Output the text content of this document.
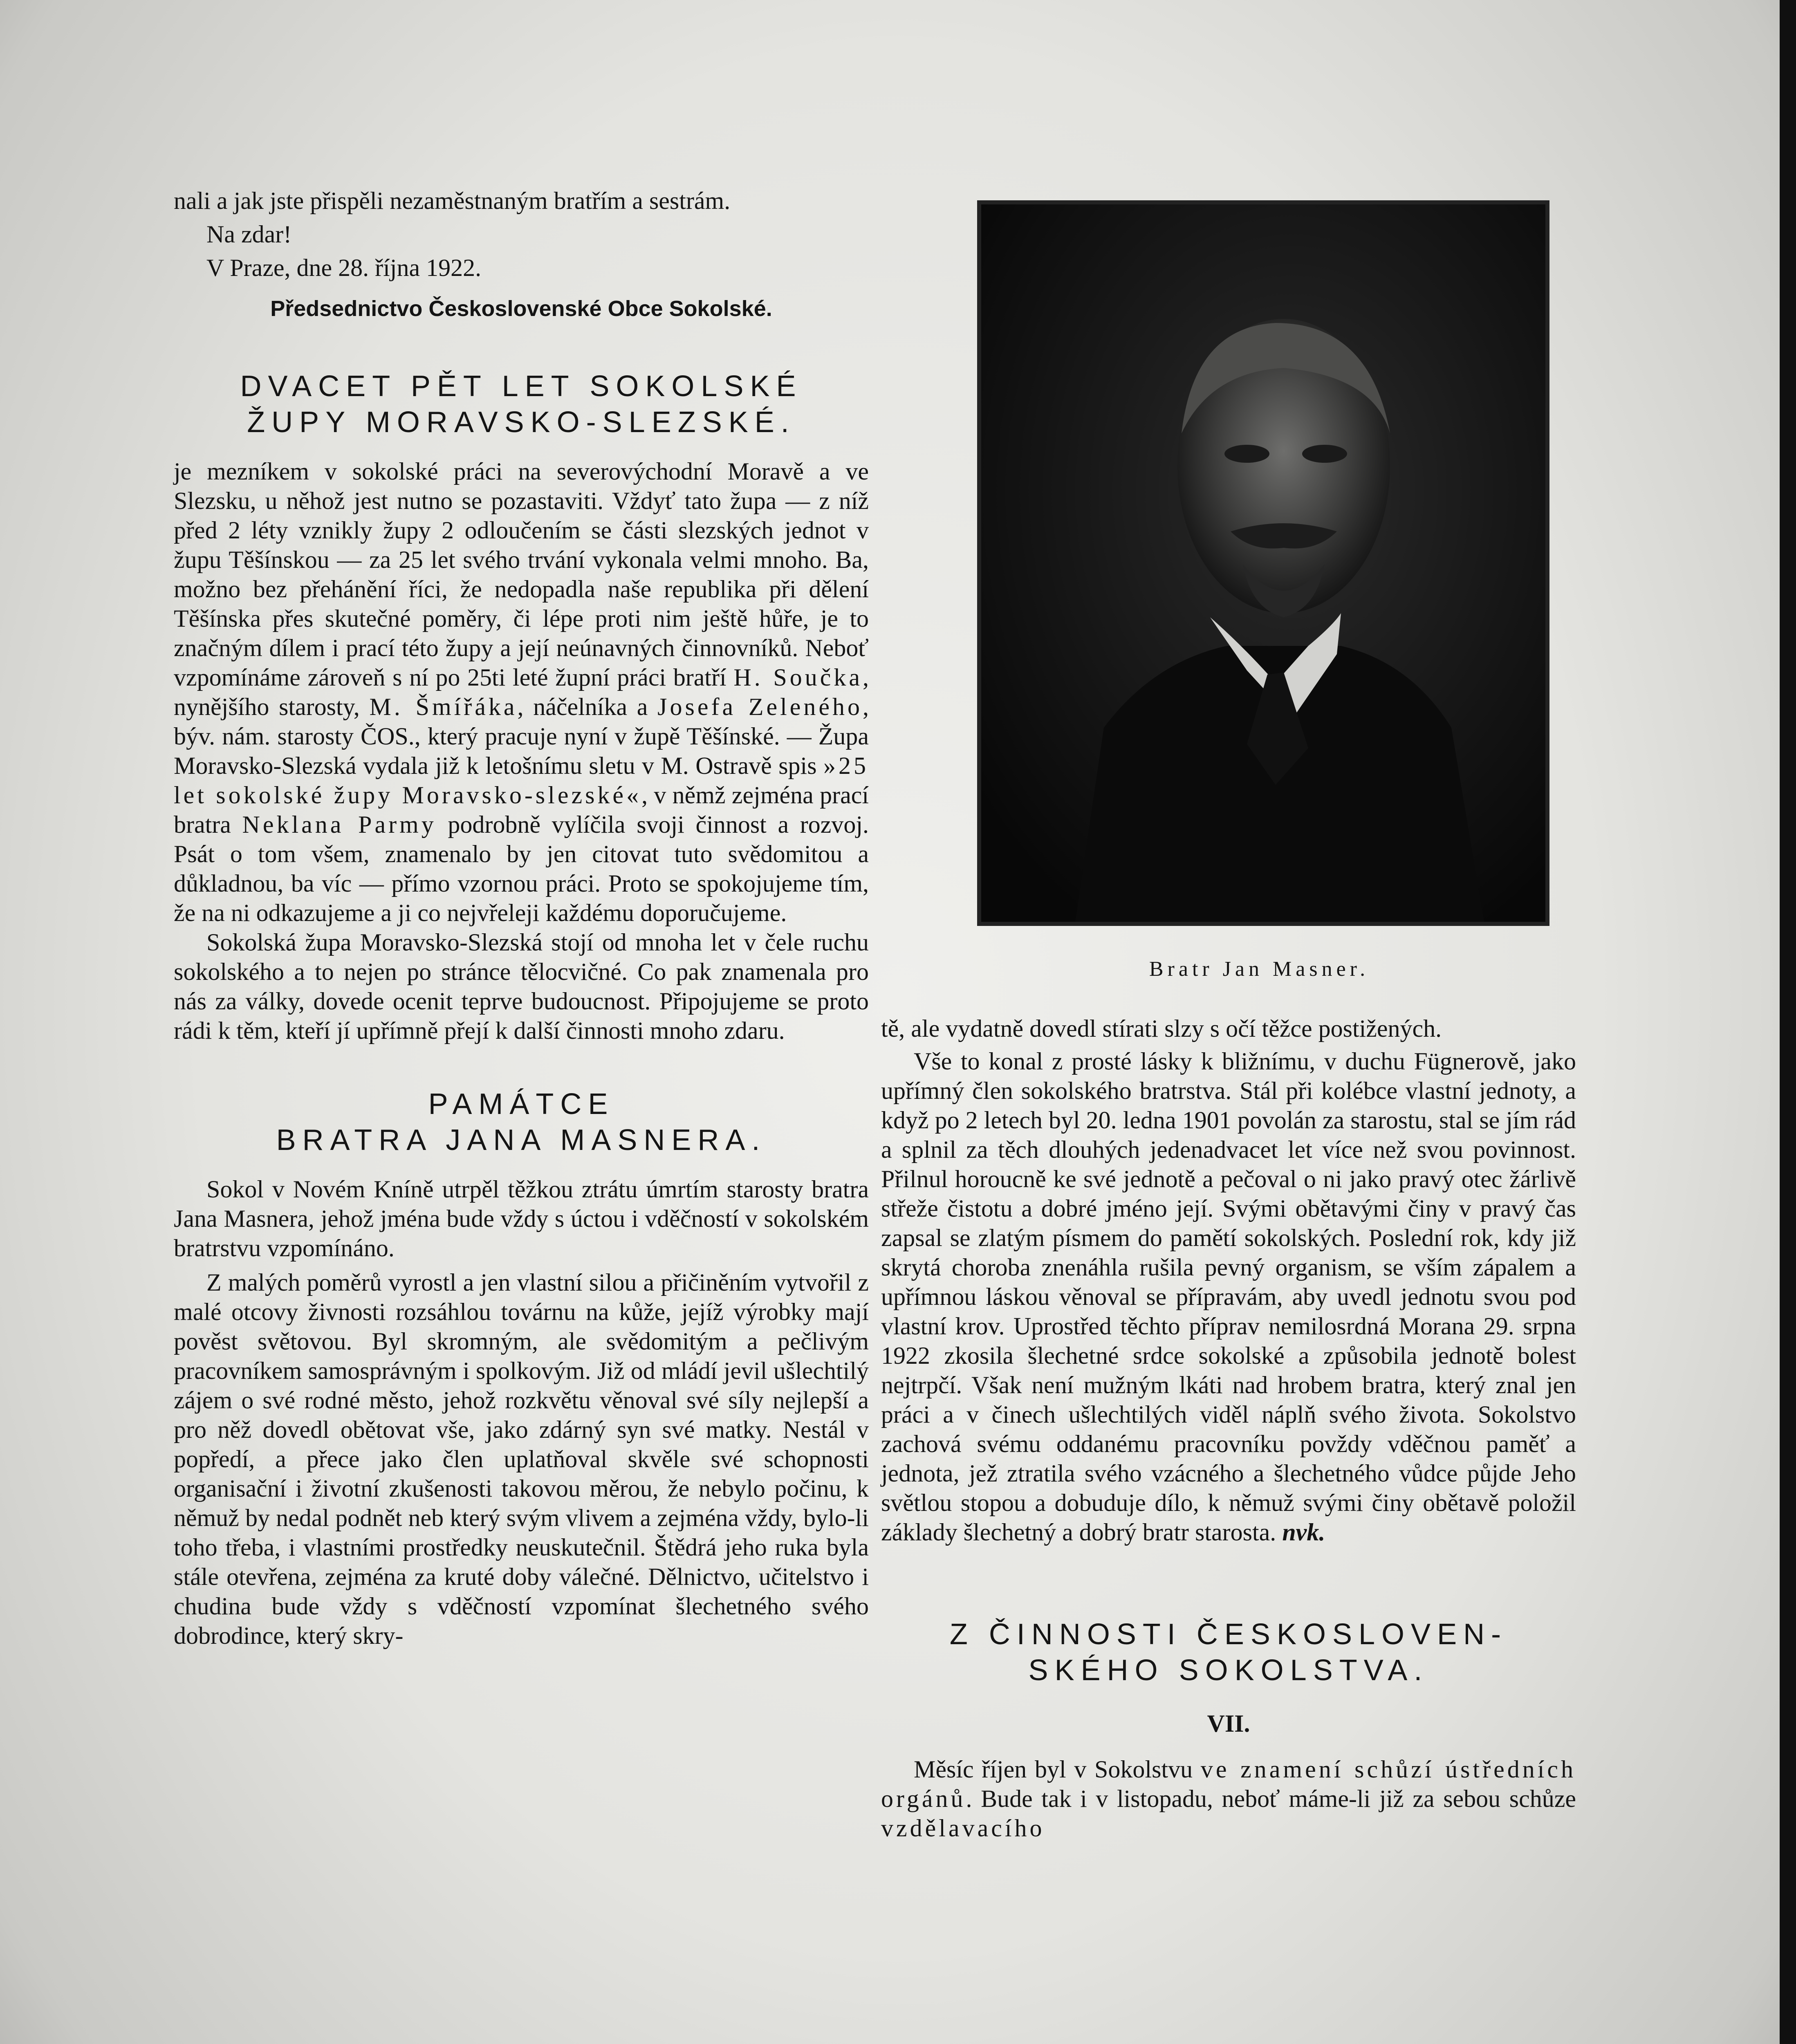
nali a jak jste přispěli nezaměstnaným bratřím a sestrám.

Na zdar!

V Praze, dne 28. října 1922.

Předsednictvo Československé Obce Sokolské.

DVACET PĚT LET SOKOLSKÉ
ŽUPY MORAVSKO-SLEZSKÉ.

je mezníkem v sokolské práci na severovýchodní Moravě a ve Slezsku, u něhož jest nutno se pozastaviti. Vždyť tato župa — z níž před 2 léty vznikly župy 2 odloučením se části slezských jednot v župu Těšínskou — za 25 let svého trvání vykonala velmi mnoho. Ba, možno bez přehánění říci, že nedopadla naše republika při dělení Těšínska přes skutečné poměry, či lépe proti nim ještě hůře, je to značným dílem i prací této župy a její neúnavných činnovníků. Neboť vzpomínáme zároveň s ní po 25ti leté župní práci bratří H. Součka, nynějšího starosty, M. Šmířáka, náčelníka a Josefa Zeleného, býv. nám. starosty ČOS., který pracuje nyní v župě Těšínské. — Župa Moravsko-Slezská vydala již k letošnímu sletu v M. Ostravě spis »25 let sokolské župy Moravsko-slezské«, v němž zejména prací bratra Neklana Parmy podrobně vylíčila svoji činnost a rozvoj. Psát o tom všem, znamenalo by jen citovat tuto svědomitou a důkladnou, ba víc — přímo vzornou práci. Proto se spokojujeme tím, že na ni odkazujeme a ji co nejvřeleji každému doporučujeme.

Sokolská župa Moravsko-Slezská stojí od mnoha let v čele ruchu sokolského a to nejen po stránce tělocvičné. Co pak znamenala pro nás za války, dovede ocenit teprve budoucnost. Připojujeme se proto rádi k těm, kteří jí upřímně přejí k další činnosti mnoho zdaru.

PAMÁTCE
BRATRA JANA MASNERA.

Sokol v Novém Kníně utrpěl těžkou ztrátu úmrtím starosty bratra Jana Masnera, jehož jména bude vždy s úctou i vděčností v sokolském bratrstvu vzpomínáno.

Z malých poměrů vyrostl a jen vlastní silou a přičiněním vytvořil z malé otcovy živnosti rozsáhlou továrnu na kůže, jejíž výrobky mají pověst světovou. Byl skromným, ale svědomitým a pečlivým pracovníkem samosprávným i spolkovým. Již od mládí jevil ušlechtilý zájem o své rodné město, jehož rozkvětu věnoval své síly nejlepší a pro něž dovedl obětovat vše, jako zdárný syn své matky. Nestál v popředí, a přece jako člen uplatňoval skvěle své schopnosti organisační i životní zkušenosti takovou měrou, že nebylo počinu, k němuž by nedal podnět neb který svým vlivem a zejména vždy, bylo-li toho třeba, i vlastními prostředky neuskutečnil. Štědrá jeho ruka byla stále otevřena, zejména za kruté doby válečné. Dělnictvo, učitelstvo i chudina bude vždy s vděčností vzpomínat šlechetného svého dobrodince, který skry-

Bratr Jan Masner.

tě, ale vydatně dovedl stírati slzy s očí těžce postižených.

Vše to konal z prosté lásky k bližnímu, v duchu Fügnerově, jako upřímný člen sokolského bratrstva. Stál při kolébce vlastní jednoty, a když po 2 letech byl 20. ledna 1901 povolán za starostu, stal se jím rád a splnil za těch dlouhých jedenadvacet let více než svou povinnost. Přilnul horoucně ke své jednotě a pečoval o ni jako pravý otec žárlivě střeže čistotu a dobré jméno její. Svými obětavými činy v pravý čas zapsal se zlatým písmem do pamětí sokolských. Poslední rok, kdy již skrytá choroba znenáhla rušila pevný organism, se vším zápalem a upřímnou láskou věnoval se přípravám, aby uvedl jednotu svou pod vlastní krov. Uprostřed těchto příprav nemilosrdná Morana 29. srpna 1922 zkosila šlechetné srdce sokolské a způsobila jednotě bolest nejtrpčí. Však není mužným lkáti nad hrobem bratra, který znal jen práci a v činech ušlechtilých viděl náplň svého života. Sokolstvo zachová svému oddanému pracovníku povždy vděčnou paměť a jednota, jež ztratila svého vzácného a šlechetného vůdce půjde Jeho světlou stopou a dobuduje dílo, k němuž svými činy obětavě položil základy šlechetný a dobrý bratr starosta. nvk.

Z ČINNOSTI ČESKOSLOVEN-
SKÉHO SOKOLSTVA.

VII.

Měsíc říjen byl v Sokolstvu ve znamení schůzí ústředních orgánů. Bude tak i v listopadu, neboť máme-li již za sebou schůze vzdělavacího
